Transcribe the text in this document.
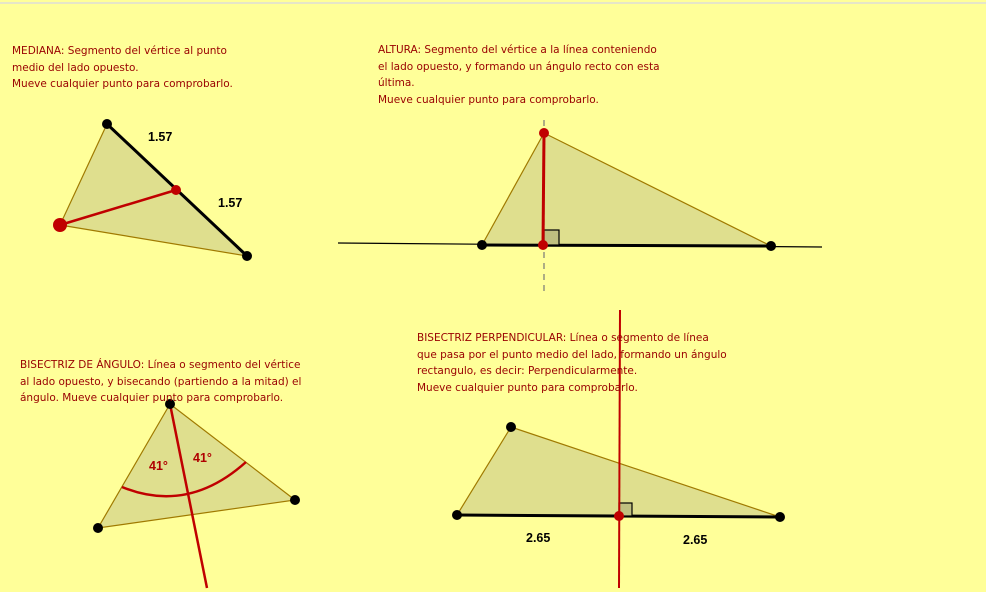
MEDIANA: Segmento del vértice al punto
medio del lado opuesto.
Mueve cualquier punto para comprobarlo.
ALTURA: Segmento del vértice a la línea conteniendo
el lado opuesto, y formando un ángulo recto con esta
última.
Mueve cualquier punto para comprobarlo.
BISECTRIZ DE ÁNGULO: Línea o segmento del vértice
al lado opuesto, y bisecando (partiendo a la mitad) el
ángulo. Mueve cualquier punto para comprobarlo.
BISECTRIZ PERPENDICULAR: Línea o segmento de línea
que pasa por el punto medio del lado, formando un ángulo
rectangulo, es decir: Perpendicularmente.
Mueve cualquier punto para comprobarlo.
1.57
1.57
41°
41°
2.65	2.65
